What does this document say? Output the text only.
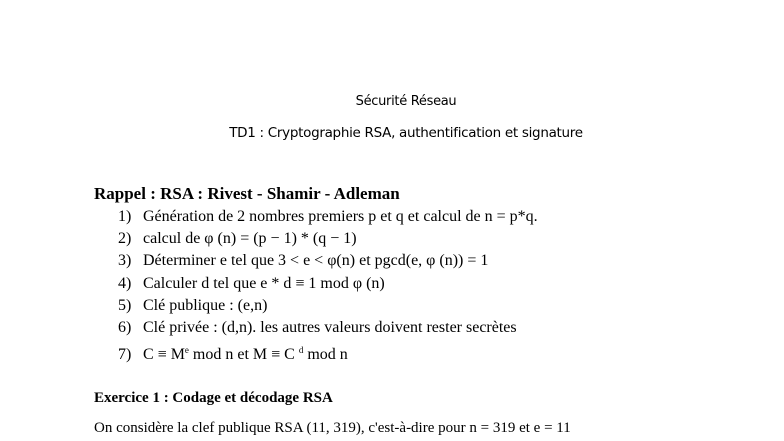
Sécurité Réseau
TD1 : Cryptographie RSA, authentification et signature
Rappel : RSA : Rivest - Shamir - Adleman
1) Génération de 2 nombres premiers p et q et calcul de n = p*q.
2) calcul de φ (n) = (p − 1) * (q − 1)
3) Déterminer e tel que 3 < e < φ(n) et pgcd(e, φ (n)) = 1
4) Calculer d tel que e * d ≡ 1 mod φ (n)
5) Clé publique : (e,n)
6) Clé privée : (d,n). les autres valeurs doivent rester secrètes
7) $C \equiv M^e$ mod n et M ≡ C $^d$ mod n
Exercice 1 : Codage et décodage RSA
On considère la clef publique RSA (11, 319), c'est-à-dire pour n = 319 et e = 11
